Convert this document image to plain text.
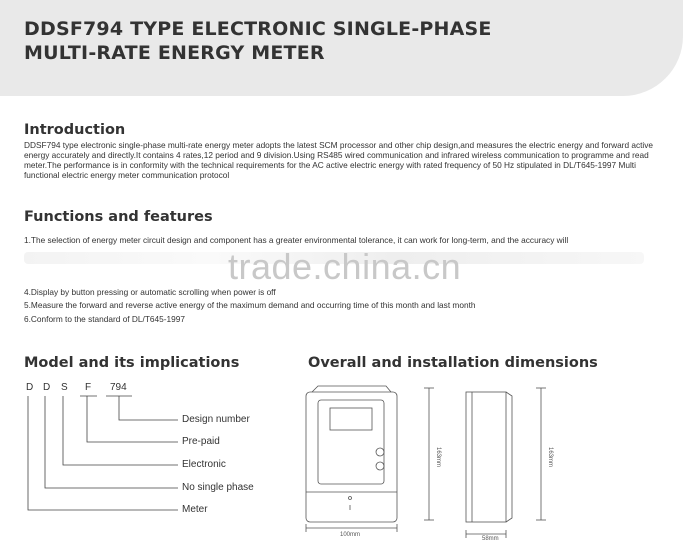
DDSF794 TYPE ELECTRONIC SINGLE-PHASE
MULTI-RATE ENERGY METER
Introduction
DDSF794 type electronic single-phase multi-rate energy meter adopts the latest SCM processor and other chip design,and measures the electric energy and forward active energy accurately and directly.It contains 4 rates,12 period and 9 division.Using RS485 wired communication and infrared wireless communication to programme and read meter.The performance is in conformity with the technical requirements for the AC active electric energy with rated frequency of 50 Hz stipulated in DL/T645-1997 Multi functional electric energy meter communication protocol
Functions and features
1.The selection of energy meter circuit design and component has a greater environmental tolerance, it can work for long-term, and the accuracy will
trade.china.cn
4.Display by button pressing or automatic scrolling when power is off
5.Measure the forward and reverse active energy of the maximum demand and occurring time of this month and last month
6.Conform to the standard of DL/T645-1997
Model and its implications
D D S F 794
Design number
Pre-paid
Electronic
No single phase
Meter
Overall and installation dimensions
100mm
58mm
163mm	163mm
